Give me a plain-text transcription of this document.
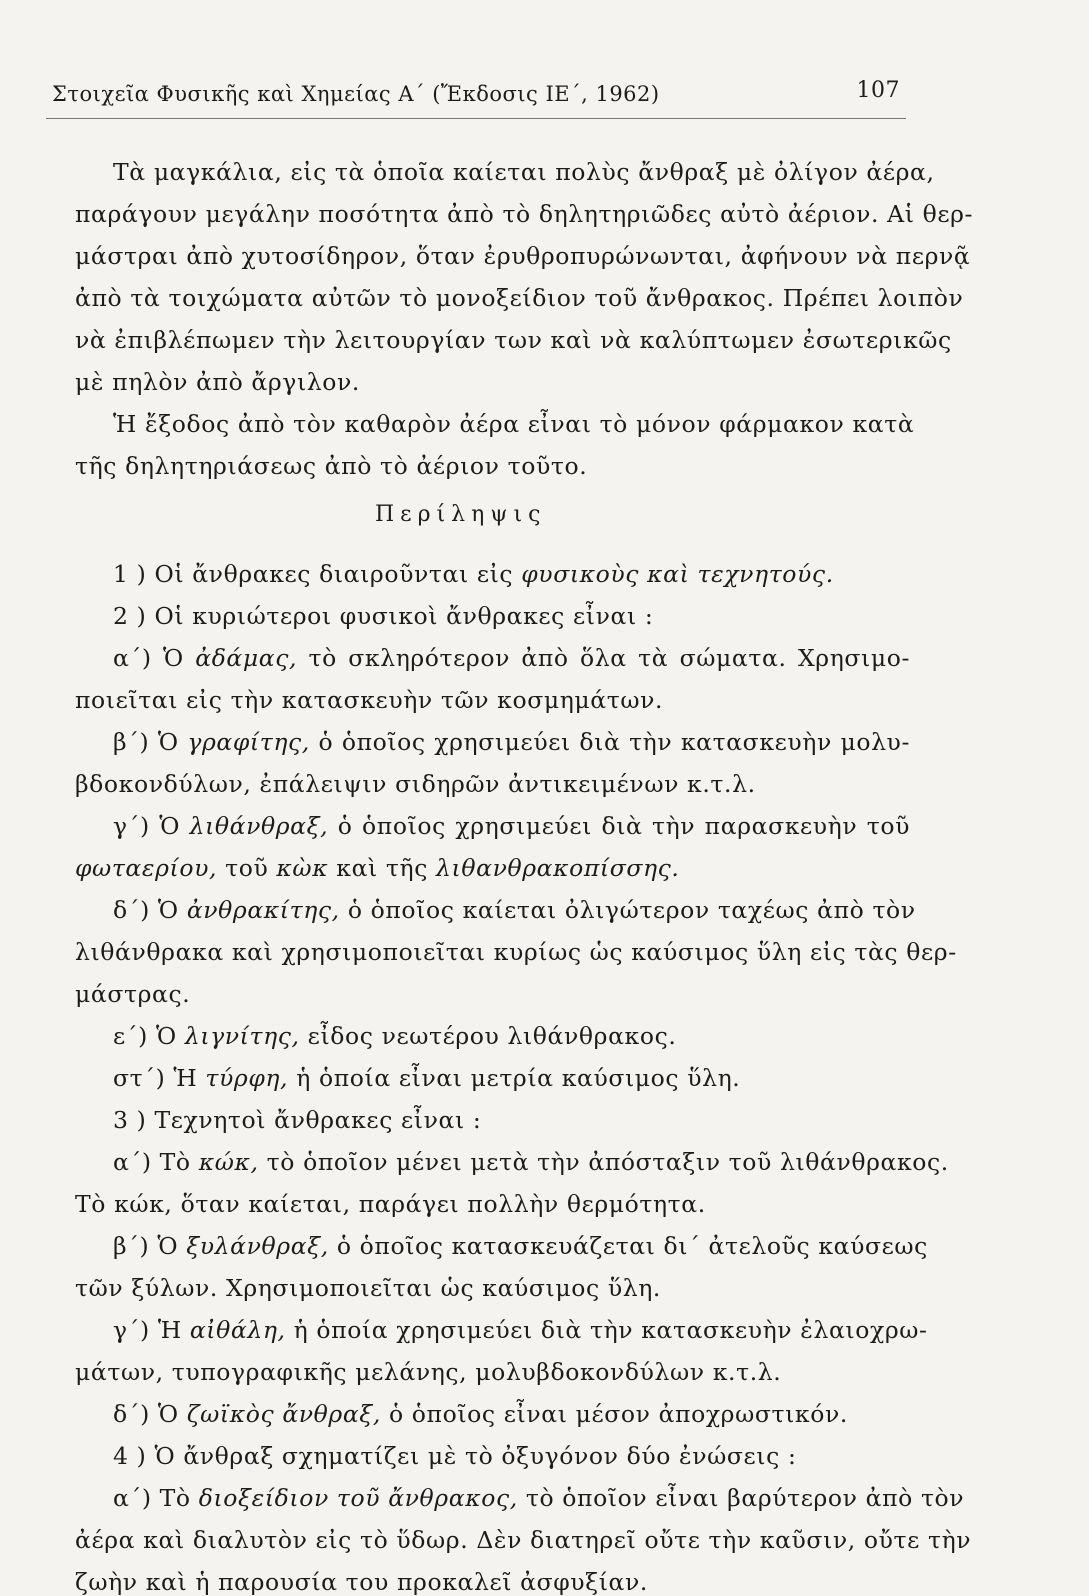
Στοιχεῖα Φυσικῆς καὶ Χημείας Α΄ (Ἔκδοσις ΙΕ΄, 1962)	107
Τὰ μαγκάλια, εἰς τὰ ὁποῖα καίεται πολὺς ἄνθραξ μὲ ὀλίγον ἀέρα,
παράγουν μεγάλην ποσότητα ἀπὸ τὸ δηλητηριῶδες αὐτὸ ἀέριον. Αἱ θερ-
μάστραι ἀπὸ χυτοσίδηρον, ὅταν ἐρυθροπυρώνωνται, ἀφήνουν νὰ περνᾷ
ἀπὸ τὰ τοιχώματα αὐτῶν τὸ μονοξείδιον τοῦ ἄνθρακος. Πρέπει λοιπὸν
νὰ ἐπιβλέπωμεν τὴν λειτουργίαν των καὶ νὰ καλύπτωμεν ἐσωτερικῶς
μὲ πηλὸν ἀπὸ ἄργιλον.
Ἡ ἔξοδος ἀπὸ τὸν καθαρὸν ἀέρα εἶναι τὸ μόνον φάρμακον κατὰ
τῆς δηλητηριάσεως ἀπὸ τὸ ἀέριον τοῦτο.
Περίληψις
1 ) Οἱ ἄνθρακες διαιροῦνται εἰς φυσικοὺς καὶ τεχνητούς.
2 ) Οἱ κυριώτεροι φυσικοὶ ἄνθρακες εἶναι :
α΄) Ὁ ἀδάμας, τὸ σκληρότερον ἀπὸ ὅλα τὰ σώματα. Χρησιμο-
ποιεῖται εἰς τὴν κατασκευὴν τῶν κοσμημάτων.
β΄) Ὁ γραφίτης, ὁ ὁποῖος χρησιμεύει διὰ τὴν κατασκευὴν μολυ-
βδοκονδύλων, ἐπάλειψιν σιδηρῶν ἀντικειμένων κ.τ.λ.
γ΄) Ὁ λιθάνθραξ, ὁ ὁποῖος χρησιμεύει διὰ τὴν παρασκευὴν τοῦ
φωταερίου, τοῦ κὼκ καὶ τῆς λιθανθρακοπίσσης.
δ΄) Ὁ ἀνθρακίτης, ὁ ὁποῖος καίεται ὀλιγώτερον ταχέως ἀπὸ τὸν
λιθάνθρακα καὶ χρησιμοποιεῖται κυρίως ὡς καύσιμος ὕλη εἰς τὰς θερ-
μάστρας.
ε΄) Ὁ λιγνίτης, εἶδος νεωτέρου λιθάνθρακος.
στ΄) Ἡ τύρφη, ἡ ὁποία εἶναι μετρία καύσιμος ὕλη.
3 ) Τεχνητοὶ ἄνθρακες εἶναι :
α΄) Τὸ κώκ, τὸ ὁποῖον μένει μετὰ τὴν ἀπόσταξιν τοῦ λιθάνθρακος.
Τὸ κώκ, ὅταν καίεται, παράγει πολλὴν θερμότητα.
β΄) Ὁ ξυλάνθραξ, ὁ ὁποῖος κατασκευάζεται δι΄ ἀτελοῦς καύσεως
τῶν ξύλων. Χρησιμοποιεῖται ὡς καύσιμος ὕλη.
γ΄) Ἡ αἰθάλη, ἡ ὁποία χρησιμεύει διὰ τὴν κατασκευὴν ἐλαιοχρω-
μάτων, τυπογραφικῆς μελάνης, μολυβδοκονδύλων κ.τ.λ.
δ΄) Ὁ ζωϊκὸς ἄνθραξ, ὁ ὁποῖος εἶναι μέσον ἀποχρωστικόν.
4 ) Ὁ ἄνθραξ σχηματίζει μὲ τὸ ὀξυγόνον δύο ἐνώσεις :
α΄) Τὸ διοξείδιον τοῦ ἄνθρακος, τὸ ὁποῖον εἶναι βαρύτερον ἀπὸ τὸν
ἀέρα καὶ διαλυτὸν εἰς τὸ ὕδωρ. Δὲν διατηρεῖ οὔτε τὴν καῦσιν, οὔτε τὴν
ζωὴν καὶ ἡ παρουσία του προκαλεῖ ἀσφυξίαν.
